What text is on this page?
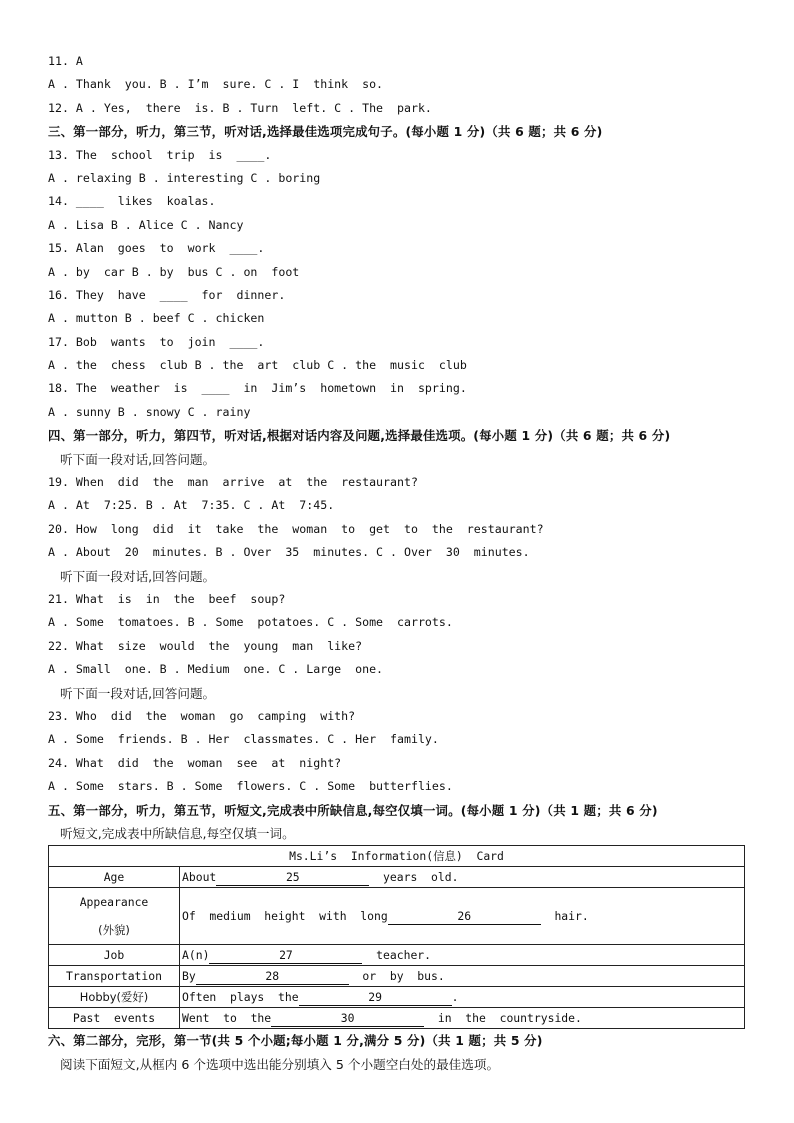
11. A
A . Thank  you. B . I’m  sure. C . I  think  so.
12. A . Yes,  there  is. B . Turn  left. C . The  park.
三、第一部分，听力，第三节，听对话,选择最佳选项完成句子。(每小题 1 分)（共 6 题；共 6 分)
13. The  school  trip  is  ____.
A . relaxing B . interesting C . boring
14. ____  likes  koalas.
A . Lisa B . Alice C . Nancy
15. Alan  goes  to  work  ____.
A . by  car B . by  bus C . on  foot
16. They  have  ____  for  dinner.
A . mutton B . beef C . chicken
17. Bob  wants  to  join  ____.
A . the  chess  club B . the  art  club C . the  music  club
18. The  weather  is  ____  in  Jim’s  hometown  in  spring.
A . sunny B . snowy C . rainy
四、第一部分，听力，第四节，听对话,根据对话内容及问题,选择最佳选项。(每小题 1 分)（共 6 题；共 6 分)
听下面一段对话,回答问题。
19. When  did  the  man  arrive  at  the  restaurant?
A . At  7:25. B . At  7:35. C . At  7:45.
20. How  long  did  it  take  the  woman  to  get  to  the  restaurant?
A . About  20  minutes. B . Over  35  minutes. C . Over  30  minutes.
听下面一段对话,回答问题。
21. What  is  in  the  beef  soup?
A . Some  tomatoes. B . Some  potatoes. C . Some  carrots.
22. What  size  would  the  young  man  like?
A . Small  one. B . Medium  one. C . Large  one.
听下面一段对话,回答问题。
23. Who  did  the  woman  go  camping  with?
A . Some  friends. B . Her  classmates. C . Her  family.
24. What  did  the  woman  see  at  night?
A . Some  stars. B . Some  flowers. C . Some  butterflies.
五、第一部分，听力，第五节，听短文,完成表中所缺信息,每空仅填一词。(每小题 1 分)（共 1 题；共 6 分)
听短文,完成表中所缺信息,每空仅填一词。
Ms.Li’s  Information(信息)  Card	
Age	About 25 years  old.

Appearance
(外貌)	Of  medium  height  with  long 26 hair.
Job	A(n) 27 teacher.
Transportation	By 28 or  by  bus.
Hobby(爱好)	Often  plays  the 29 .
Past  events	Went  to  the 30 in  the  countryside.
六、第二部分，完形，第一节(共 5 个小题;每小题 1 分,满分 5 分)（共 1 题；共 5 分)
阅读下面短文,从框内 6 个选项中选出能分别填入 5 个小题空白处的最佳选项。
